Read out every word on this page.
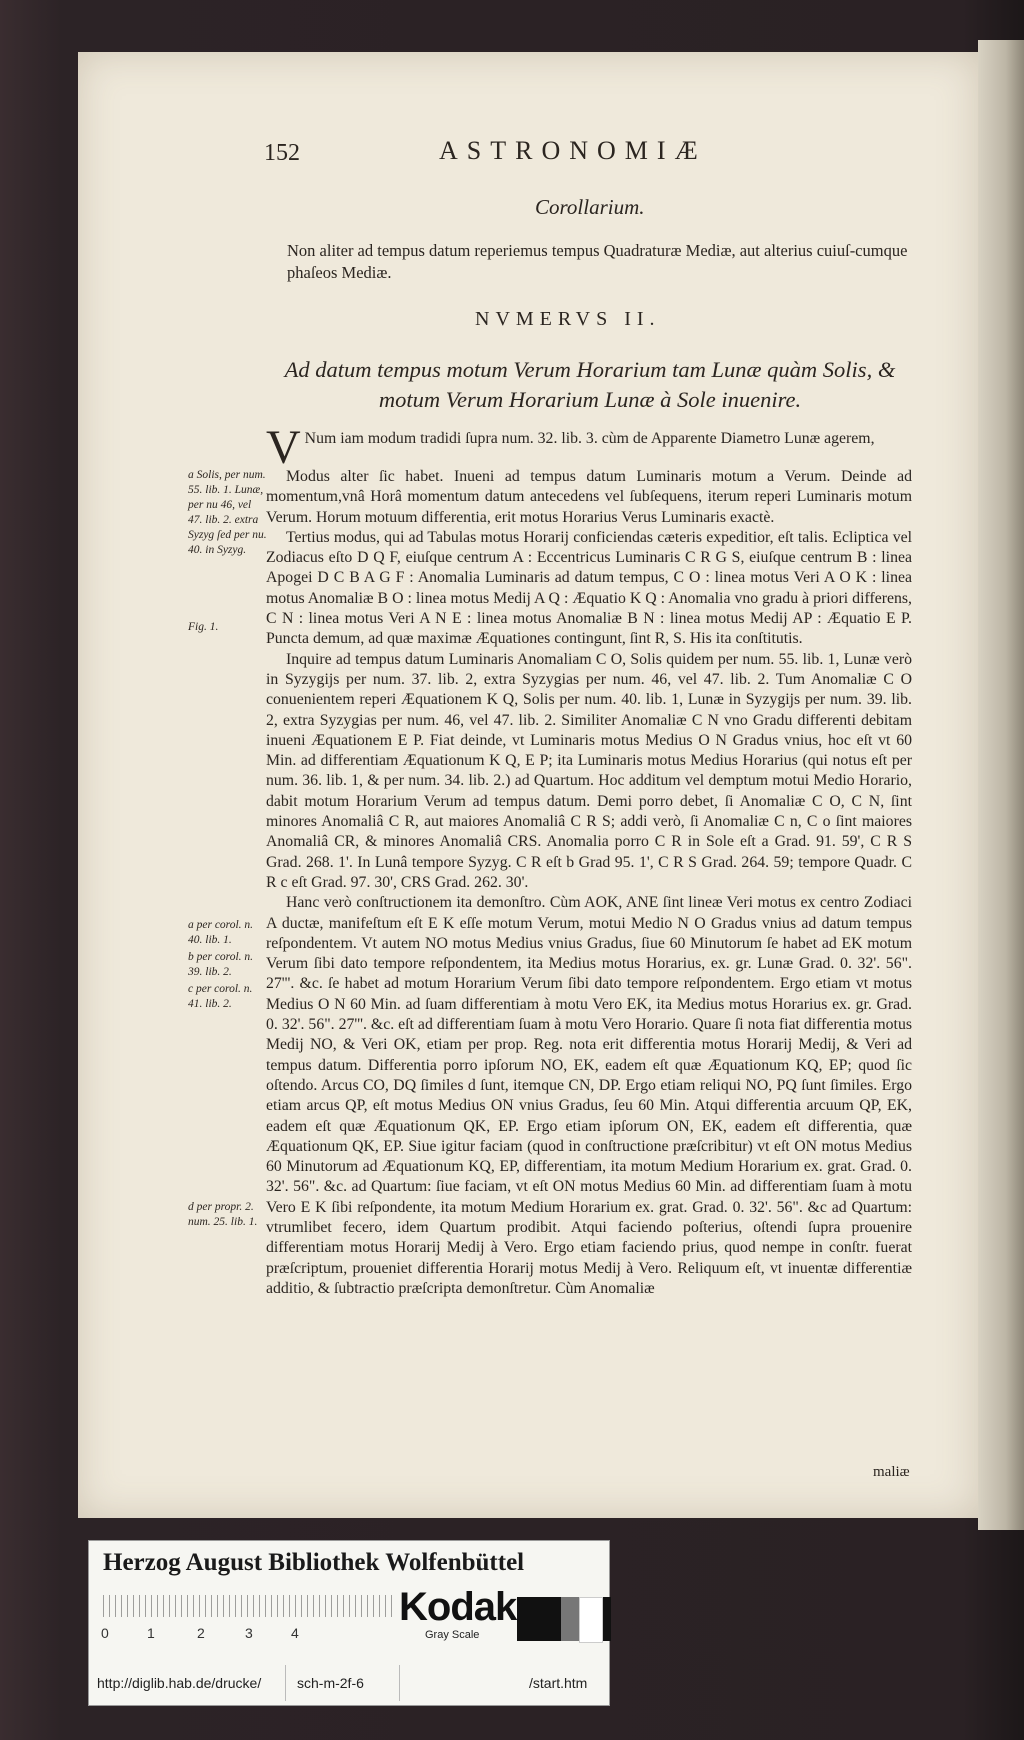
152	ASTRONOMIÆ
Corollarium.
Non aliter ad tempus datum reperiemus tempus Quadraturæ Mediæ, aut alterius cuiuſ-cumque phaſeos Mediæ.
NVMERVS II.
Ad datum tempus motum Verum Horarium tam Lunæ quàm Solis, &
motum Verum Horarium Lunæ à Sole inuenire.

V Num iam modum tradidi ſupra num. 32. lib. 3. cùm de Apparente Diametro Lunæ agerem,

Modus alter ſic habet. Inueni ad tempus datum Luminaris motum a Verum. Deinde ad momentum,vnâ Horâ momentum datum antecedens vel ſubſequens, iterum reperi Luminaris motum Verum. Horum motuum differentia, erit motus Horarius Verus Luminaris exactè.

Tertius modus, qui ad Tabulas motus Horarij conficiendas cæteris expeditior, eſt talis. Ecliptica vel Zodiacus eſto D Q F, eiuſque centrum A : Eccentricus Luminaris C R G S, eiuſque centrum B : linea Apogei D C B A G F : Anomalia Luminaris ad datum tempus, C O : linea motus Veri A O K : linea motus Anomaliæ B O : linea motus Medij A Q : Æquatio K Q : Anomalia vno gradu à priori differens, C N : linea motus Veri A N E : linea motus Anomaliæ B N : linea motus Medij AP : Æquatio E P. Puncta demum, ad quæ maximæ Æquationes contingunt, ſint R, S. His ita conſtitutis.

Inquire ad tempus datum Luminaris Anomaliam C O, Solis quidem per num. 55. lib. 1, Lunæ verò in Syzygijs per num. 37. lib. 2, extra Syzygias per num. 46, vel 47. lib. 2. Tum Anomaliæ C O conuenientem reperi Æquationem K Q, Solis per num. 40. lib. 1, Lunæ in Syzygijs per num. 39. lib. 2, extra Syzygias per num. 46, vel 47. lib. 2. Similiter Anomaliæ C N vno Gradu differenti debitam inueni Æquationem E P. Fiat deinde, vt Luminaris motus Medius O N Gradus vnius, hoc eſt vt 60 Min. ad differentiam Æquationum K Q, E P; ita Luminaris motus Medius Horarius (qui notus eſt per num. 36. lib. 1, & per num. 34. lib. 2.) ad Quartum. Hoc additum vel demptum motui Medio Horario, dabit motum Horarium Verum ad tempus datum. Demi porro debet, ſi Anomaliæ C O, C N, ſint minores Anomaliâ C R, aut maiores Anomaliâ C R S; addi verò, ſi Anomaliæ C n, C o ſint maiores Anomaliâ CR, & minores Anomaliâ CRS. Anomalia porro C R in Sole eſt a Grad. 91. 59', C R S Grad. 268. 1'. In Lunâ tempore Syzyg. C R eſt b Grad 95. 1', C R S Grad. 264. 59; tempore Quadr. C R c eſt Grad. 97. 30', CRS Grad. 262. 30'.

Hanc verò conſtructionem ita demonſtro. Cùm AOK, ANE ſint lineæ Veri motus ex centro Zodiaci A ductæ, manifeſtum eſt E K eſſe motum Verum, motui Medio N O Gradus vnius ad datum tempus reſpondentem. Vt autem NO motus Medius vnius Gradus, ſiue 60 Minutorum ſe habet ad EK motum Verum ſibi dato tempore reſpondentem, ita Medius motus Horarius, ex. gr. Lunæ Grad. 0. 32'. 56". 27'''. &c. ſe habet ad motum Horarium Verum ſibi dato tempore reſpondentem. Ergo etiam vt motus Medius O N 60 Min. ad ſuam differentiam à motu Vero EK, ita Medius motus Horarius ex. gr. Grad. 0. 32'. 56". 27'''. &c. eſt ad differentiam ſuam à motu Vero Horario. Quare ſi nota fiat differentia motus Medij NO, & Veri OK, etiam per prop. Reg. nota erit differentia motus Horarij Medij, & Veri ad tempus datum. Differentia porro ipſorum NO, EK, eadem eſt quæ Æquationum KQ, EP; quod ſic oſtendo. Arcus CO, DQ ſimiles d ſunt, itemque CN, DP. Ergo etiam reliqui NO, PQ ſunt ſimiles. Ergo etiam arcus QP, eſt motus Medius ON vnius Gradus, ſeu 60 Min. Atqui differentia arcuum QP, EK, eadem eſt quæ Æquationum QK, EP. Ergo etiam ipſorum ON, EK, eadem eſt differentia, quæ Æquationum QK, EP. Siue igitur faciam (quod in conſtructione præſcribitur) vt eſt ON motus Medius 60 Minutorum ad Æquationum KQ, EP, differentiam, ita motum Medium Horarium ex. grat. Grad. 0. 32'. 56". &c. ad Quartum: ſiue faciam, vt eſt ON motus Medius 60 Min. ad differentiam ſuam à motu Vero E K ſibi reſpondente, ita motum Medium Horarium ex. grat. Grad. 0. 32'. 56". &c ad Quartum: vtrumlibet fecero, idem Quartum prodibit. Atqui faciendo poſterius, oſtendi ſupra prouenire differentiam motus Horarij Medij à Vero. Ergo etiam faciendo prius, quod nempe in conſtr. fuerat præſcriptum, proueniet differentia Horarij motus Medij à Vero. Reliquum eſt, vt inuentæ differentiæ additio, & ſubtractio præſcripta demonſtretur. Cùm Anomaliæ

a Solis, per num. 55. lib. 1. Lunæ, per nu 46, vel 47. lib. 2. extra Syzyg ſed per nu. 40. in Syzyg.
Fig. 1.
a per corol. n. 40. lib. 1.
b per corol. n. 39. lib. 2.
c per corol. n. 41. lib. 2.
d per propr. 2. num. 25. lib. 1.
maliæ
Herzog August Bibliothek Wolfenbüttel
0	1	2	3	4
Kodak
Gray Scale
http://diglib.hab.de/drucke/	sch-m-2f-6	/start.htm
